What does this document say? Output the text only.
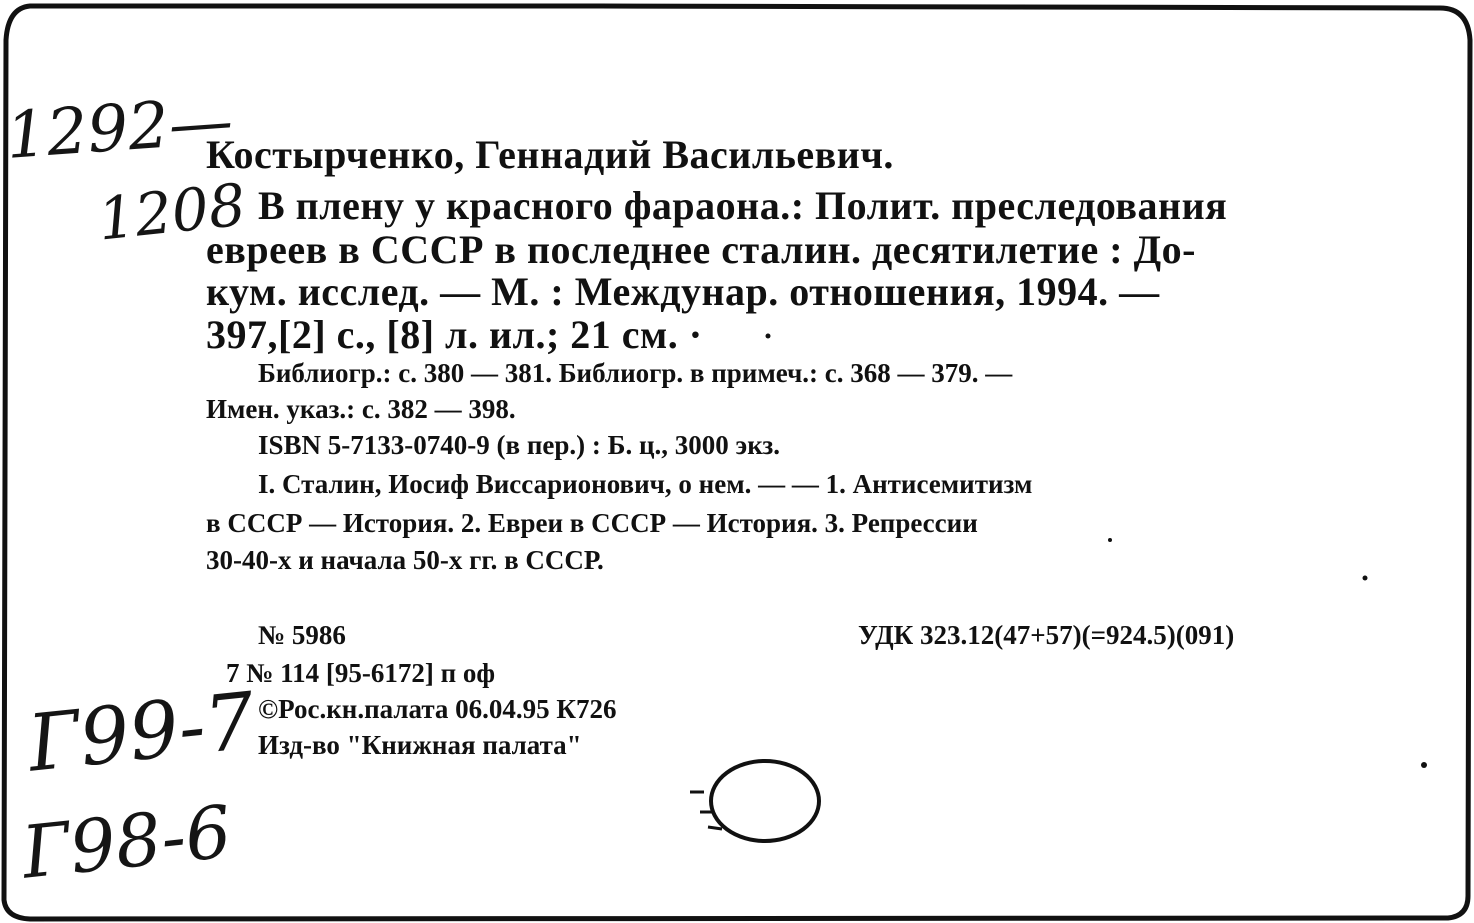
1292—
1208
Г99-7
Г98-6
Костырченко, Геннадий Васильевич.
В плену у красного фараона.: Полит. преследования
евреев в СССР в последнее сталин. десятилетие : До-
кум. исслед. — М. : Междунар. отношения, 1994. —
397,[2] с., [8] л. ил.; 21 см. ·
Библиогр.: с. 380 — 381. Библиогр. в примеч.: с. 368 — 379. —
Имен. указ.: с. 382 — 398.
ISBN 5-7133-0740-9 (в пер.) : Б. ц., 3000 экз.
I. Сталин, Иосиф Виссарионович, о нем. — — 1. Антисемитизм
в СССР — История. 2. Евреи в СССР — История. 3. Репрессии
30-40-х и начала 50-х гг. в СССР.
№ 5986	УДК 323.12(47+57)(=924.5)(091)
7 № 114 [95-6172] п оф
©Рос.кн.палата 06.04.95 К726
Изд-во "Книжная палата"
